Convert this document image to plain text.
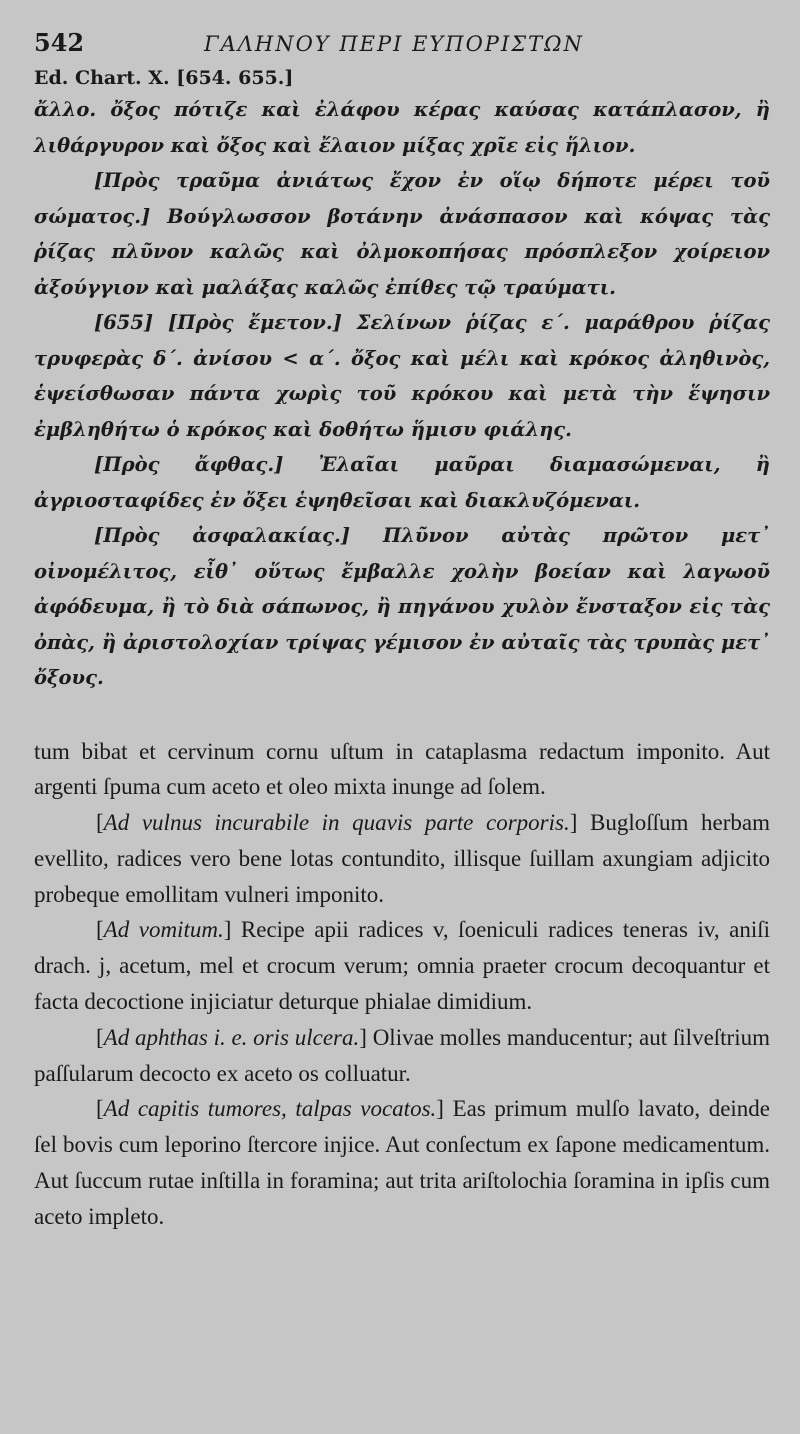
542	ΓΑΛΗΝΟΥ ΠΕΡΙ ΕΥΠΟΡΙΣΤΩΝ
Ed. Chart. X. [654. 655.]

ἄλλο. ὄξος πότιζε καὶ ἐλάφου κέρας καύσας κατάπλασον, ἢ λιθάργυρον καὶ ὄξος καὶ ἔλαιον μίξας χρῖε εἰς ἥλιον.

[Πρὸς τραῦμα ἀνιάτως ἔχον ἐν οἵῳ δήποτε μέρει τοῦ σώματος.] Βούγλωσσον βοτάνην ἀνάσπασον καὶ κόψας τὰς ῥίζας πλῦνον καλῶς καὶ ὀλμοκοπήσας πρόσπλεξον χοίρειον ἀξούγγιον καὶ μαλάξας καλῶς ἐπίθες τῷ τραύματι.

[655] [Πρὸς ἔμετον.] Σελίνων ῥίζας ε΄. μαράθρου ῥίζας τρυφερὰς δ΄. ἀνίσου < α΄. ὄξος καὶ μέλι καὶ κρόκος ἀληθινὸς, ἑψείσθωσαν πάντα χωρὶς τοῦ κρόκου καὶ μετὰ τὴν ἕψησιν ἐμβληθήτω ὁ κρόκος καὶ δοθήτω ἥμισυ φιάλης.

[Πρὸς ἄφθας.] Ἐλαῖαι μαῦραι διαμασώμεναι, ἢ ἀγριοσταφίδες ἐν ὄξει ἑψηθεῖσαι καὶ διακλυζόμεναι.

[Πρὸς ἀσφαλακίας.] Πλῦνον αὐτὰς πρῶτον μετ᾽ οἰνομέλιτος, εἶθ᾽ οὕτως ἔμβαλλε χολὴν βοείαν καὶ λαγωοῦ ἀφόδευμα, ἢ τὸ διὰ σάπωνος, ἢ πηγάνου χυλὸν ἔνσταξον εἰς τὰς ὀπὰς, ἢ ἀριστολοχίαν τρίψας γέμισον ἐν αὐταῖς τὰς τρυπὰς μετ᾽ ὄξους.

tum bibat et cervinum cornu uſtum in cataplasma redactum imponito. Aut argenti ſpuma cum aceto et oleo mixta inunge ad ſolem.

[Ad vulnus incurabile in quavis parte corporis.] Bugloſſum herbam evellito, radices vero bene lotas contundito, illisque ſuillam axungiam adjicito probeque emollitam vulneri imponito.

[Ad vomitum.] Recipe apii radices v, ſoeniculi radices teneras iv, aniſi drach. j, acetum, mel et crocum verum; omnia praeter crocum decoquantur et facta decoctione injiciatur deturque phialae dimidium.

[Ad aphthas i. e. oris ulcera.] Olivae molles manducentur; aut ſilveſtrium paſſularum decocto ex aceto os colluatur.

[Ad capitis tumores, talpas vocatos.] Eas primum mulſo lavato, deinde ſel bovis cum leporino ſtercore injice. Aut conſectum ex ſapone medicamentum. Aut ſuccum rutae inſtilla in foramina; aut trita ariſtolochia ſoramina in ipſis cum aceto impleto.
